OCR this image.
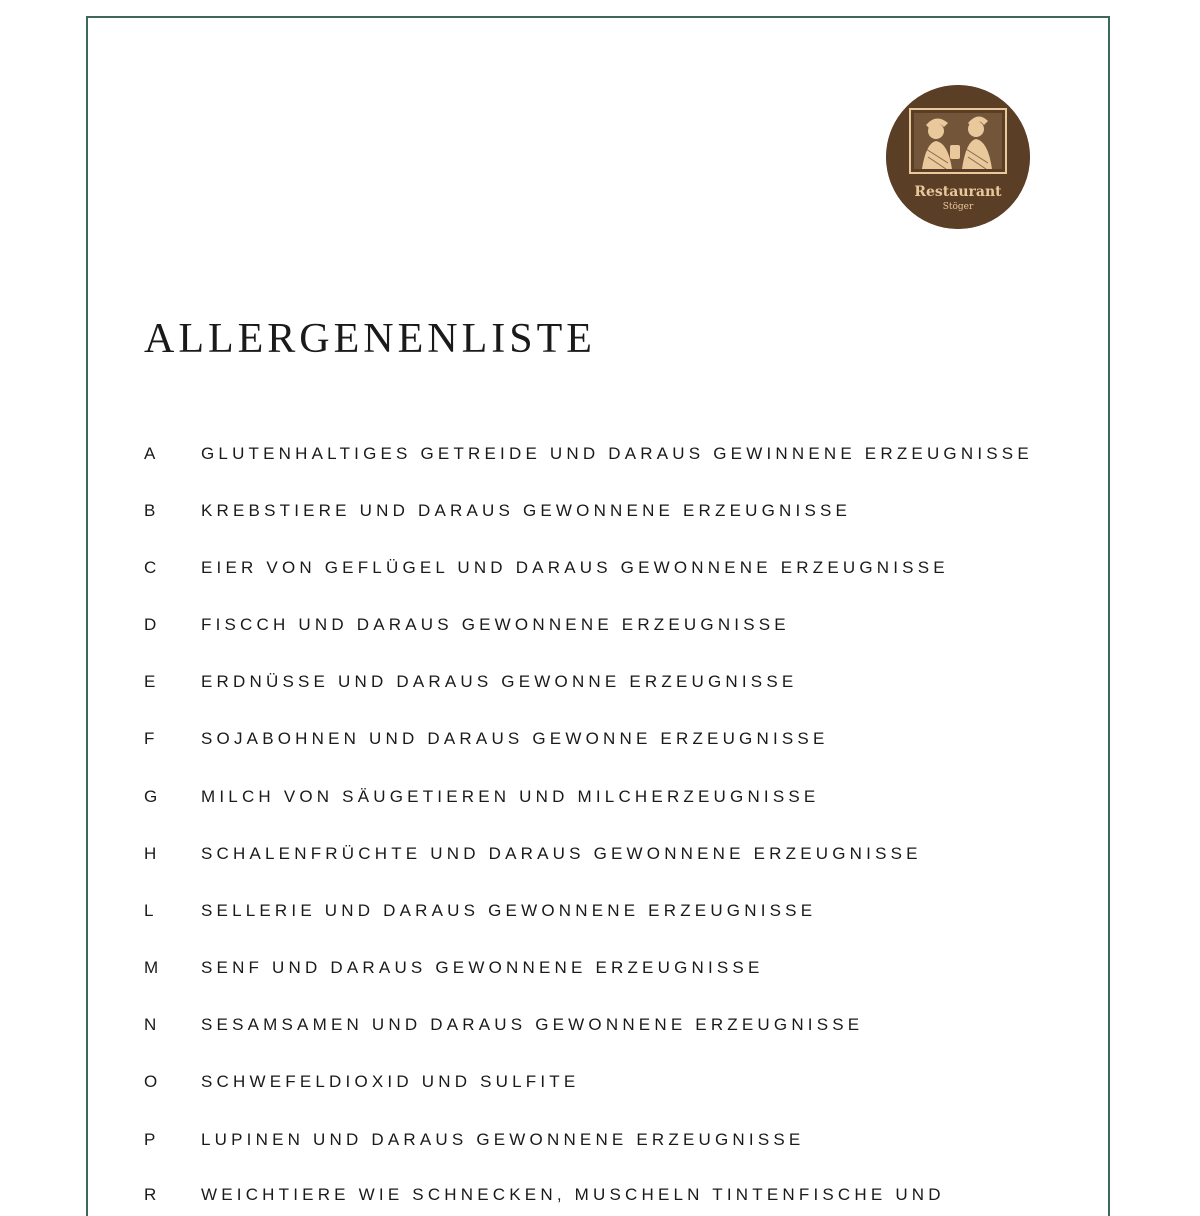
Restaurant
Stöger
ALLERGENENLISTE
A	GLUTENHALTIGES GETREIDE UND DARAUS GEWINNENE ERZEUGNISSE
B	KREBSTIERE UND DARAUS GEWONNENE ERZEUGNISSE
C	EIER VON GEFLÜGEL UND DARAUS GEWONNENE ERZEUGNISSE
D	FISCCH UND DARAUS GEWONNENE ERZEUGNISSE
E	ERDNÜSSE UND DARAUS GEWONNE ERZEUGNISSE
F	SOJABOHNEN UND DARAUS GEWONNE ERZEUGNISSE
G	MILCH VON SÄUGETIEREN UND MILCHERZEUGNISSE
H	SCHALENFRÜCHTE UND DARAUS GEWONNENE ERZEUGNISSE
L	SELLERIE UND DARAUS GEWONNENE ERZEUGNISSE
M	SENF UND DARAUS GEWONNENE ERZEUGNISSE
N	SESAMSAMEN UND DARAUS GEWONNENE ERZEUGNISSE
O	SCHWEFELDIOXID UND SULFITE
P	LUPINEN UND DARAUS GEWONNENE ERZEUGNISSE
R	WEICHTIERE WIE SCHNECKEN, MUSCHELN TINTENFISCHE UND
